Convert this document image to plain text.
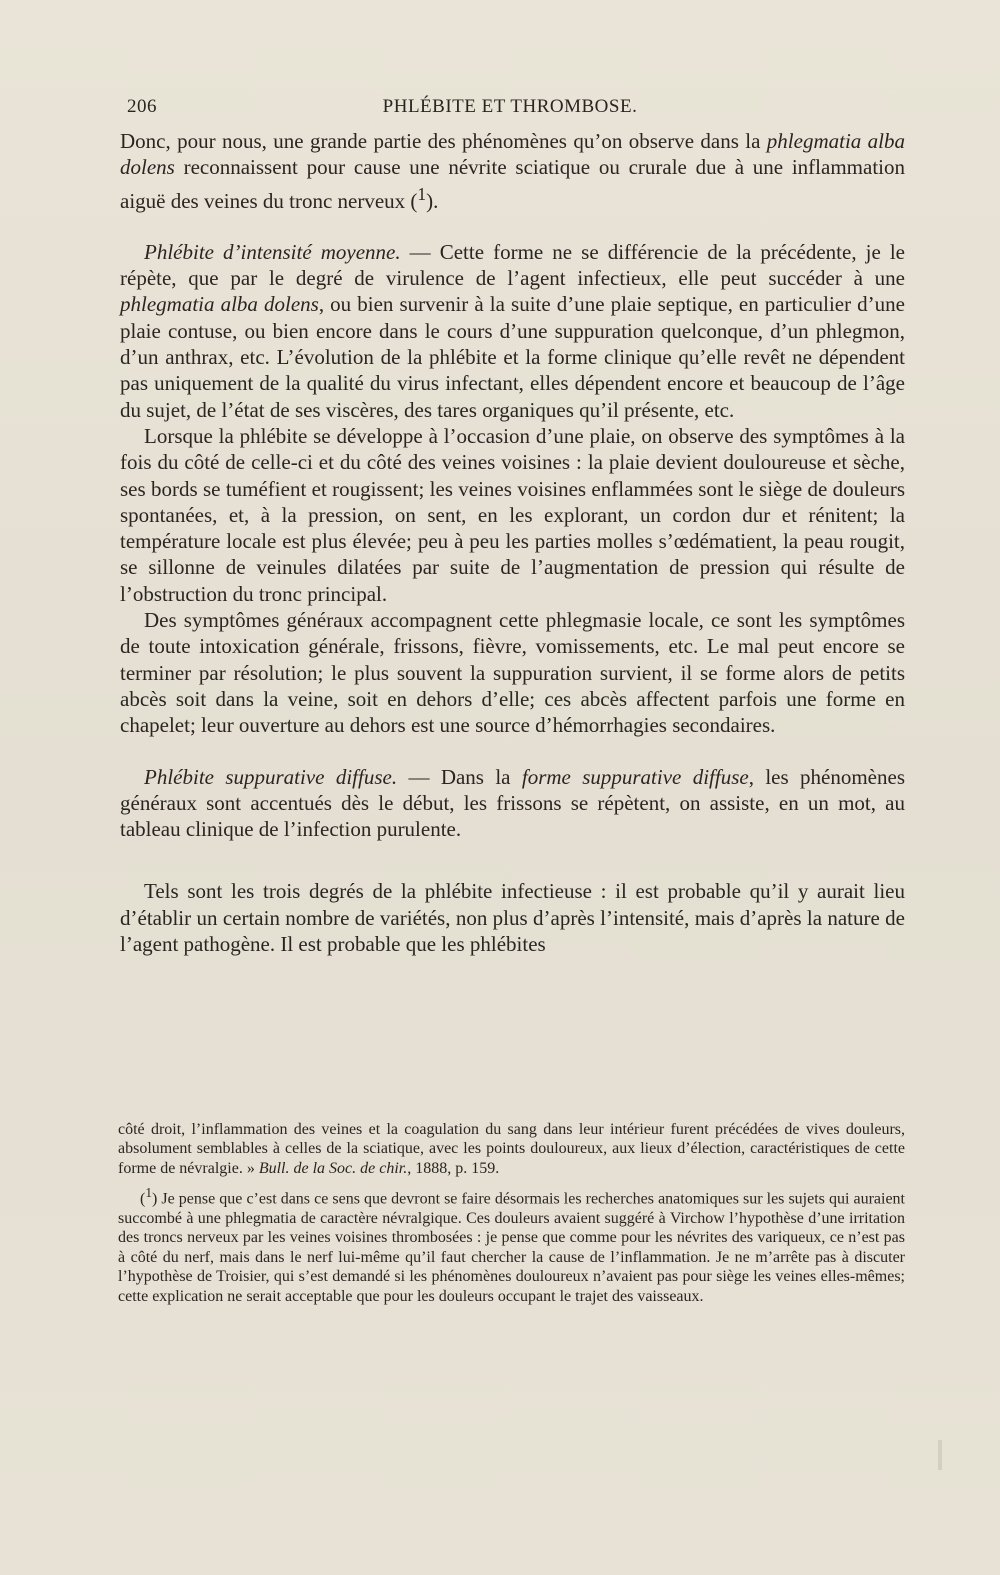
206	PHLÉBITE ET THROMBOSE.

Donc, pour nous, une grande partie des phénomènes qu’on observe dans la phlegmatia alba dolens reconnaissent pour cause une névrite sciatique ou crurale due à une inflammation aiguë des veines du tronc nerveux ($^1$).

Phlébite d’intensité moyenne. — Cette forme ne se différencie de la précédente, je le répète, que par le degré de virulence de l’agent infectieux, elle peut succéder à une phlegmatia alba dolens, ou bien survenir à la suite d’une plaie septique, en particulier d’une plaie contuse, ou bien encore dans le cours d’une suppuration quelconque, d’un phlegmon, d’un anthrax, etc. L’évolution de la phlébite et la forme clinique qu’elle revêt ne dépendent pas uniquement de la qualité du virus infectant, elles dépendent encore et beaucoup de l’âge du sujet, de l’état de ses viscères, des tares organiques qu’il présente, etc.

Lorsque la phlébite se développe à l’occasion d’une plaie, on observe des symptômes à la fois du côté de celle-ci et du côté des veines voisines : la plaie devient douloureuse et sèche, ses bords se tuméfient et rougissent; les veines voisines enflammées sont le siège de douleurs spontanées, et, à la pression, on sent, en les explorant, un cordon dur et rénitent; la température locale est plus élevée; peu à peu les parties molles s’œdématient, la peau rougit, se sillonne de veinules dilatées par suite de l’augmentation de pression qui résulte de l’obstruction du tronc principal.

Des symptômes généraux accompagnent cette phlegmasie locale, ce sont les symptômes de toute intoxication générale, frissons, fièvre, vomissements, etc. Le mal peut encore se terminer par résolution; le plus souvent la suppuration survient, il se forme alors de petits abcès soit dans la veine, soit en dehors d’elle; ces abcès affectent parfois une forme en chapelet; leur ouverture au dehors est une source d’hémorrhagies secondaires.

Phlébite suppurative diffuse. — Dans la forme suppurative diffuse, les phénomènes généraux sont accentués dès le début, les frissons se répètent, on assiste, en un mot, au tableau clinique de l’infection purulente.

Tels sont les trois degrés de la phlébite infectieuse : il est probable qu’il y aurait lieu d’établir un certain nombre de variétés, non plus d’après l’intensité, mais d’après la nature de l’agent pathogène. Il est probable que les phlébites

côté droit, l’inflammation des veines et la coagulation du sang dans leur intérieur furent précédées de vives douleurs, absolument semblables à celles de la sciatique, avec les points douloureux, aux lieux d’élection, caractéristiques de cette forme de névralgie. » Bull. de la Soc. de chir., 1888, p. 159.

($^1$) Je pense que c’est dans ce sens que devront se faire désormais les recherches anatomiques sur les sujets qui auraient succombé à une phlegmatia de caractère névralgique. Ces douleurs avaient suggéré à Virchow l’hypothèse d’une irritation des troncs nerveux par les veines voisines thrombosées : je pense que comme pour les névrites des variqueux, ce n’est pas à côté du nerf, mais dans le nerf lui-même qu’il faut chercher la cause de l’inflammation. Je ne m’arrête pas à discuter l’hypothèse de Troisier, qui s’est demandé si les phénomènes douloureux n’avaient pas pour siège les veines elles-mêmes; cette explication ne serait acceptable que pour les douleurs occupant le trajet des vaisseaux.
